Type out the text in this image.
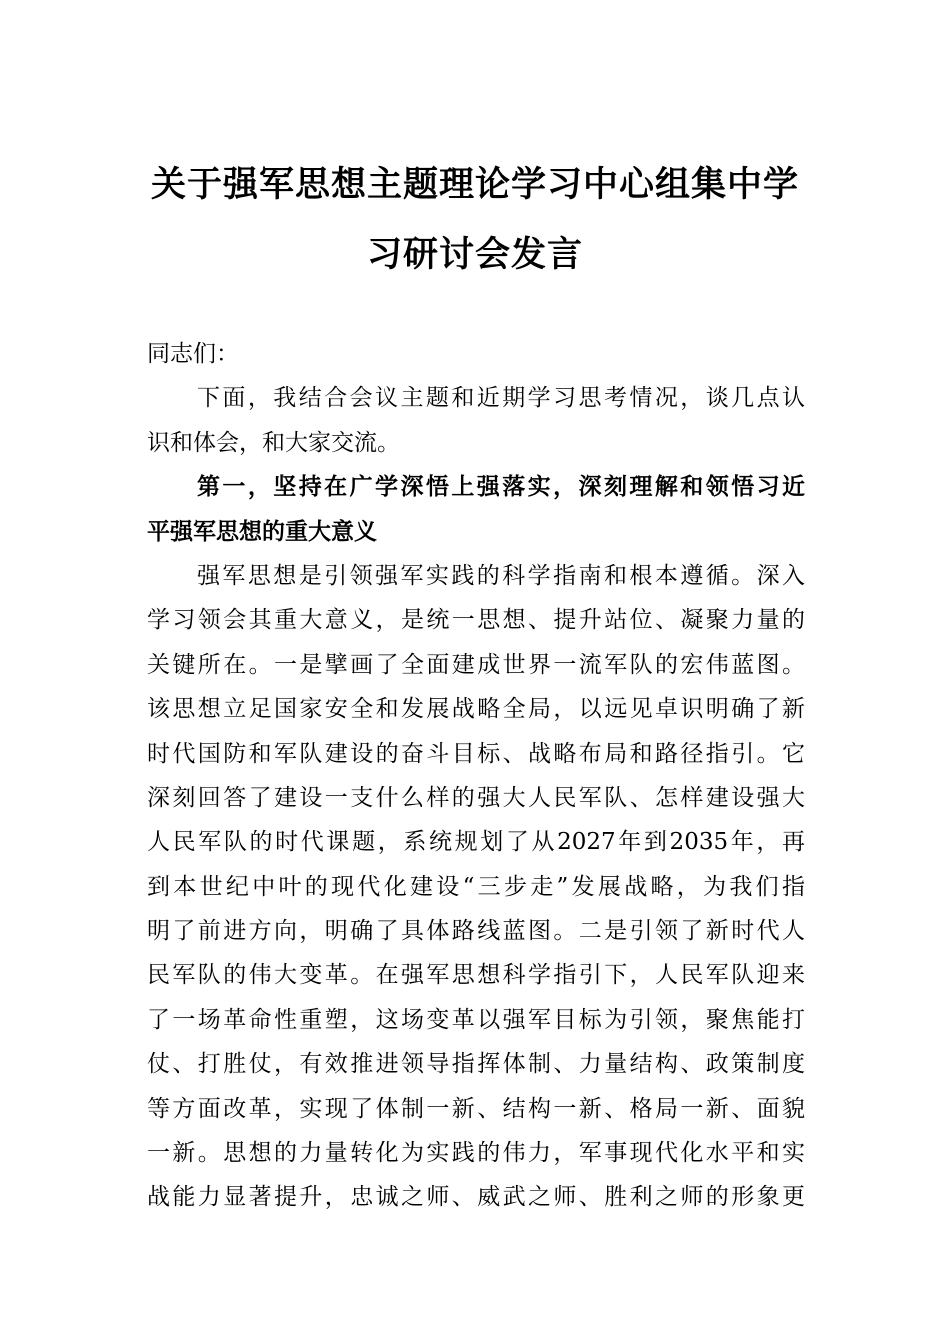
关于强军思想主题理论学习中心组集中学
习研讨会发言
同志们：
下面，我结合会议主题和近期学习思考情况，谈几点认
识和体会，和大家交流。
第一，坚持在广学深悟上强落实，深刻理解和领悟习近
平强军思想的重大意义
强军思想是引领强军实践的科学指南和根本遵循。深入
学习领会其重大意义，是统一思想、提升站位、凝聚力量的
关键所在。一是擘画了全面建成世界一流军队的宏伟蓝图。
该思想立足国家安全和发展战略全局，以远见卓识明确了新
时代国防和军队建设的奋斗目标、战略布局和路径指引。它
深刻回答了建设一支什么样的强大人民军队、怎样建设强大
人民军队的时代课题，系统规划了从2027年到2035年，再
到本世纪中叶的现代化建设“三步走”发展战略，为我们指
明了前进方向，明确了具体路线蓝图。二是引领了新时代人
民军队的伟大变革。在强军思想科学指引下，人民军队迎来
了一场革命性重塑，这场变革以强军目标为引领，聚焦能打
仗、打胜仗，有效推进领导指挥体制、力量结构、政策制度
等方面改革，实现了体制一新、结构一新、格局一新、面貌
一新。思想的力量转化为实践的伟力，军事现代化水平和实
战能力显著提升，忠诚之师、威武之师、胜利之师的形象更
